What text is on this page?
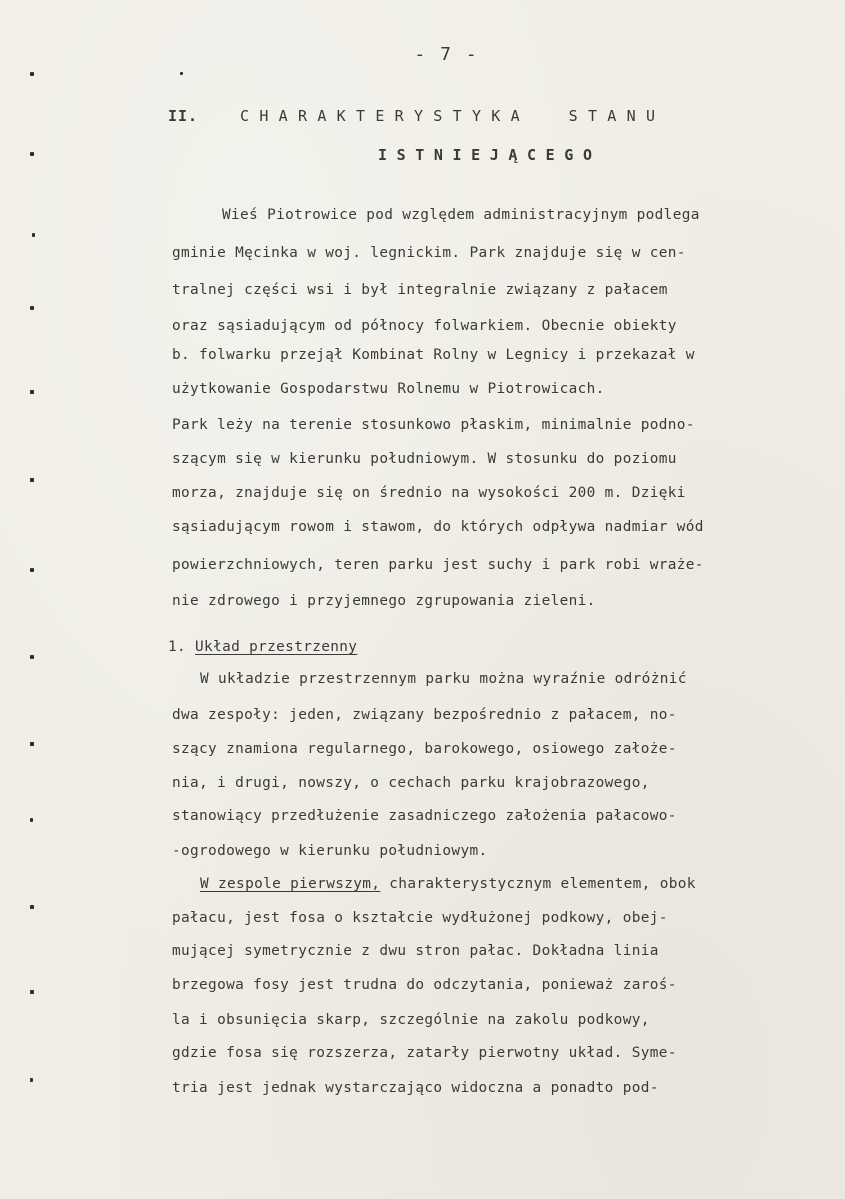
- 7 -
II.	CHARAKTERYSTYKA  STANU
ISTNIEJĄCEGO
Wieś Piotrowice pod względem administracyjnym podlega
gminie Męcinka w woj. legnickim. Park znajduje się w cen-
tralnej części wsi i był integralnie związany z pałacem
oraz sąsiadującym od północy folwarkiem. Obecnie obiekty
b. folwarku przejął Kombinat Rolny w Legnicy i przekazał w
użytkowanie Gospodarstwu Rolnemu w Piotrowicach.
Park leży na terenie stosunkowo płaskim, minimalnie podno-
szącym się w kierunku południowym. W stosunku do poziomu
morza, znajduje się on średnio na wysokości 200 m. Dzięki
sąsiadującym rowom i stawom, do których odpływa nadmiar wód
powierzchniowych, teren parku jest suchy i park robi wraże-
nie zdrowego i przyjemnego zgrupowania zieleni.
1. Układ przestrzenny
W układzie przestrzennym parku można wyraźnie odróżnić
dwa zespoły: jeden, związany bezpośrednio z pałacem, no-
szący znamiona regularnego, barokowego, osiowego założe-
nia, i drugi, nowszy, o cechach parku krajobrazowego,
stanowiący przedłużenie zasadniczego założenia pałacowo-
-ogrodowego w kierunku południowym.
W zespole pierwszym, charakterystycznym elementem, obok
pałacu, jest fosa o kształcie wydłużonej podkowy, obej-
mującej symetrycznie z dwu stron pałac. Dokładna linia
brzegowa fosy jest trudna do odczytania, ponieważ zaroś-
la i obsunięcia skarp, szczególnie na zakolu podkowy,
gdzie fosa się rozszerza, zatarły pierwotny układ. Syme-
tria jest jednak wystarczająco widoczna a ponadto pod-
